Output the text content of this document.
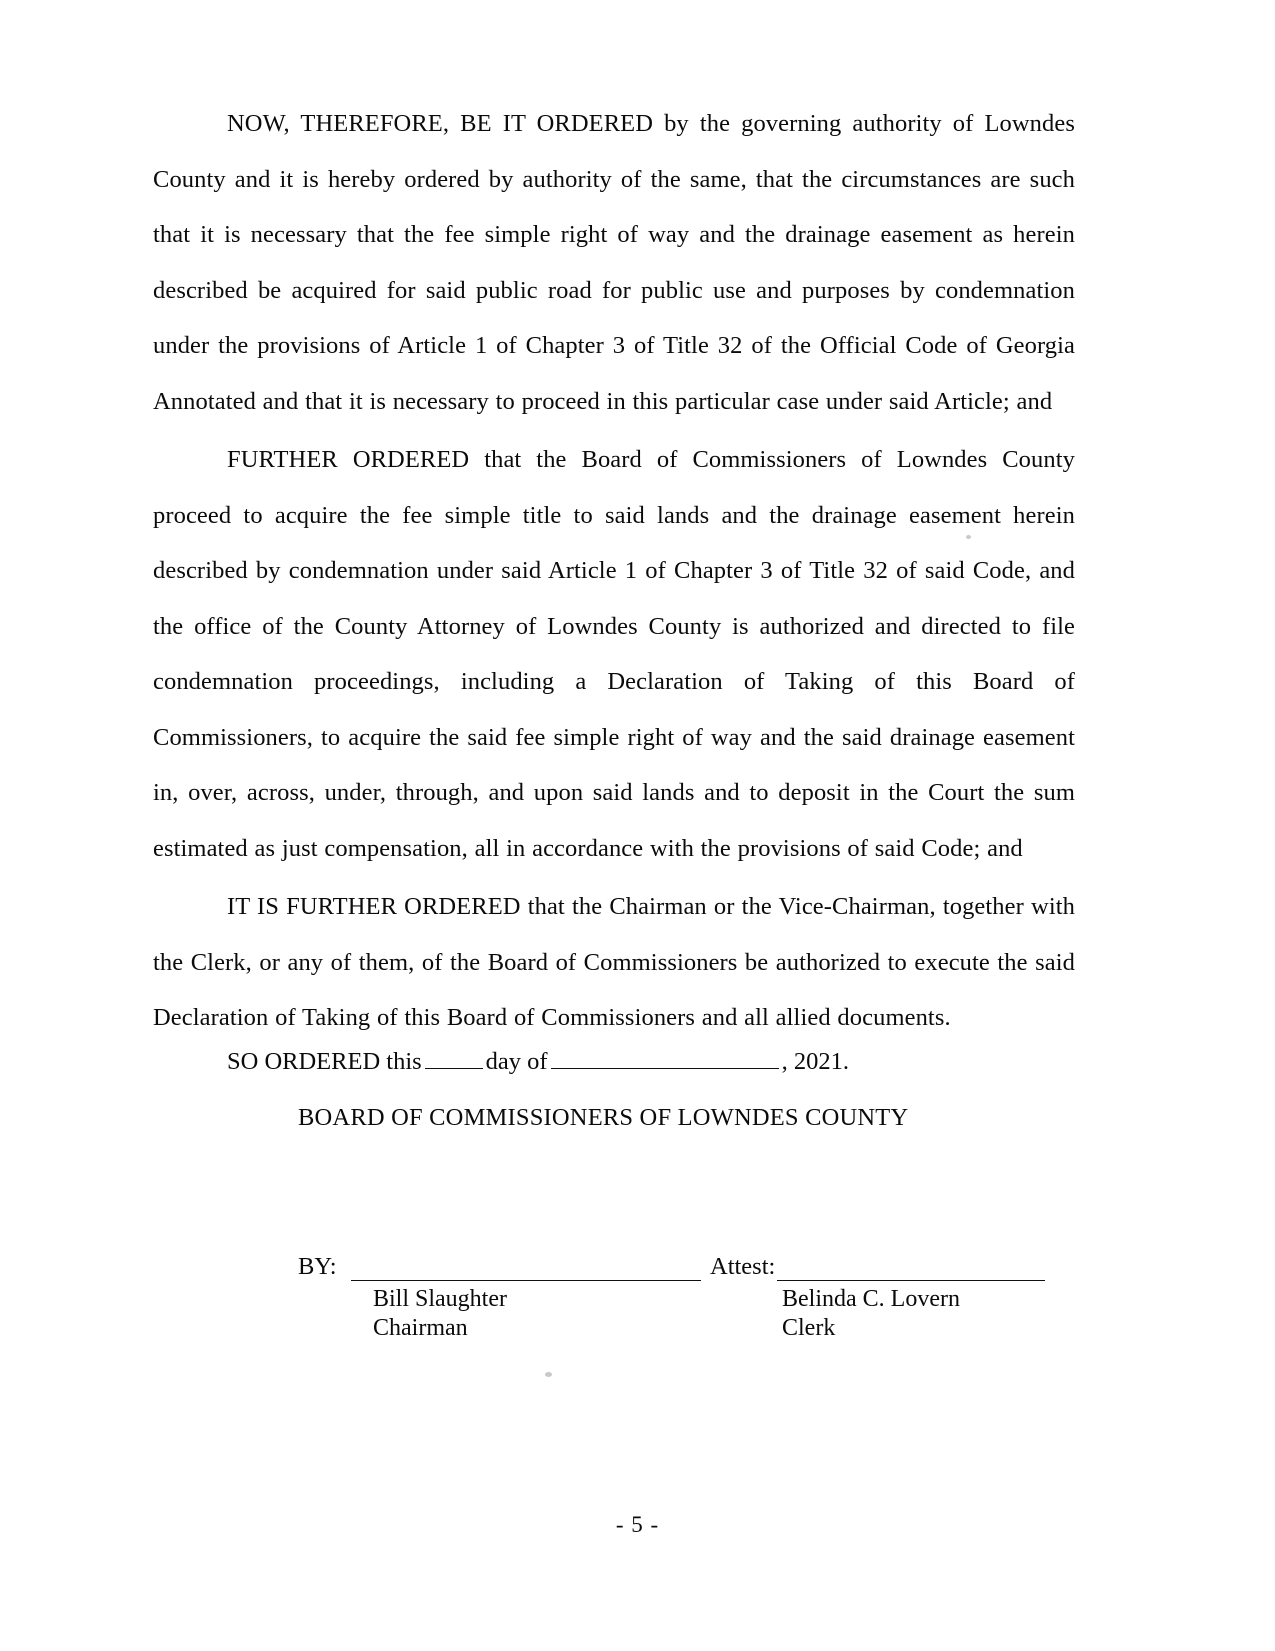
NOW, THEREFORE, BE IT ORDERED by the governing authority of Lowndes County and it is hereby ordered by authority of the same, that the circumstances are such that it is necessary that the fee simple right of way and the drainage easement as herein described be acquired for said public road for public use and purposes by condemnation under the provisions of Article 1 of Chapter 3 of Title 32 of the Official Code of Georgia Annotated and that it is necessary to proceed in this particular case under said Article; and

FURTHER ORDERED that the Board of Commissioners of Lowndes County proceed to acquire the fee simple title to said lands and the drainage easement herein described by condemnation under said Article 1 of Chapter 3 of Title 32 of said Code, and the office of the County Attorney of Lowndes County is authorized and directed to file condemnation proceedings, including a Declaration of Taking of this Board of Commissioners, to acquire the said fee simple right of way and the said drainage easement in, over, across, under, through, and upon said lands and to deposit in the Court the sum estimated as just compensation, all in accordance with the provisions of said Code; and

IT IS FURTHER ORDERED that the Chairman or the Vice-Chairman, together with the Clerk, or any of them, of the Board of Commissioners be authorized to execute the said Declaration of Taking of this Board of Commissioners and all allied documents.

SO ORDERED this	day of	, 2021.

BOARD OF COMMISSIONERS OF LOWNDES COUNTY

BY:	Attest:
Bill Slaughter
Chairman
Belinda C. Lovern
Clerk
- 5 -
